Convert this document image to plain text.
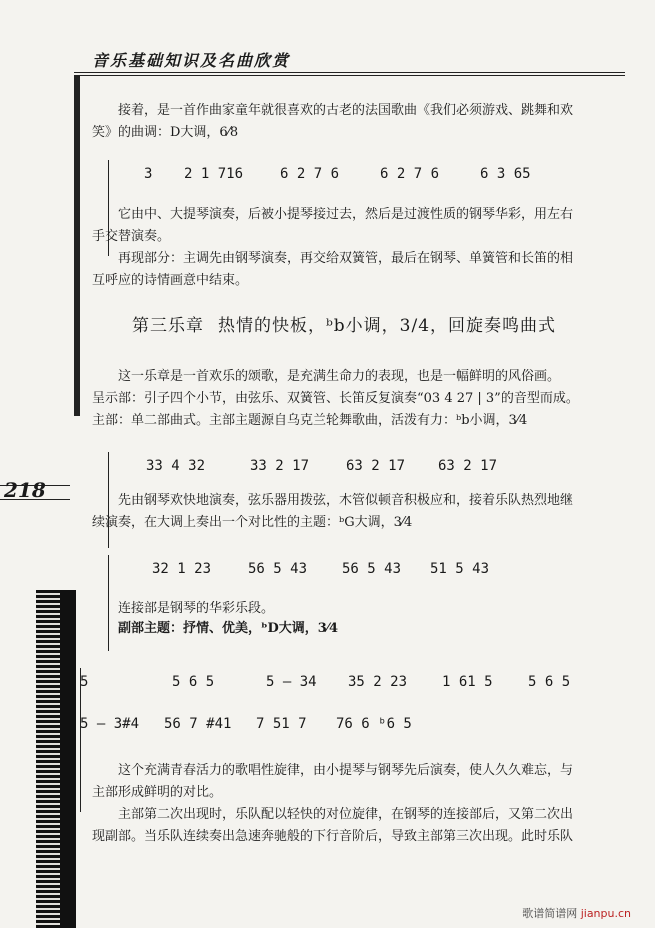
音乐基础知识及名曲欣赏

接着，是一首作曲家童年就很喜欢的古老的法国歌曲《我们必须游戏、跳舞和欢

笑》的曲调：D大调，6⁄8

3 2 1 716	6 2 7 6	6 2 7 6	6 3 65

它由中、大提琴演奏，后被小提琴接过去，然后是过渡性质的钢琴华彩，用左右

手交替演奏。

再现部分：主调先由钢琴演奏，再交给双簧管，最后在钢琴、单簧管和长笛的相

互呼应的诗情画意中结束。

第三乐章 热情的快板，ᵇb小调，3/4，回旋奏鸣曲式

这一乐章是一首欢乐的颂歌，是充满生命力的表现，也是一幅鲜明的风俗画。

呈示部：引子四个小节，由弦乐、双簧管、长笛反复演奏“03 4 27 | 3”的音型而成。

主部：单二部曲式。主部主题源自乌克兰轮舞歌曲，活泼有力：ᵇb小调，3⁄4

33 4 32	33 2 17	63 2 17 63 2 17
218	先由钢琴欢快地演奏，弦乐器用拨弦，木管似顿音积极应和，接着乐队热烈地继

续演奏，在大调上奏出一个对比性的主题：ᵇG大调，3⁄4

32 1 23	56 5 43 56 5 43 51 5 43

连接部是钢琴的华彩乐段。

副部主题：抒情、优美，ᵇD大调，3⁄4

5	5 6 5	5 – 34 35 2 23 1 61 5	5 6 5
5 – 3#4 56 7 #41 7 51 7 76 6 ᵇ6 5

这个充满青春活力的歌唱性旋律，由小提琴与钢琴先后演奏，使人久久难忘，与

主部形成鲜明的对比。

主部第二次出现时，乐队配以轻快的对位旋律，在钢琴的连接部后，又第二次出

现副部。当乐队连续奏出急速奔驰般的下行音阶后，导致主部第三次出现。此时乐队

歌谱简谱网 jianpu.cn
